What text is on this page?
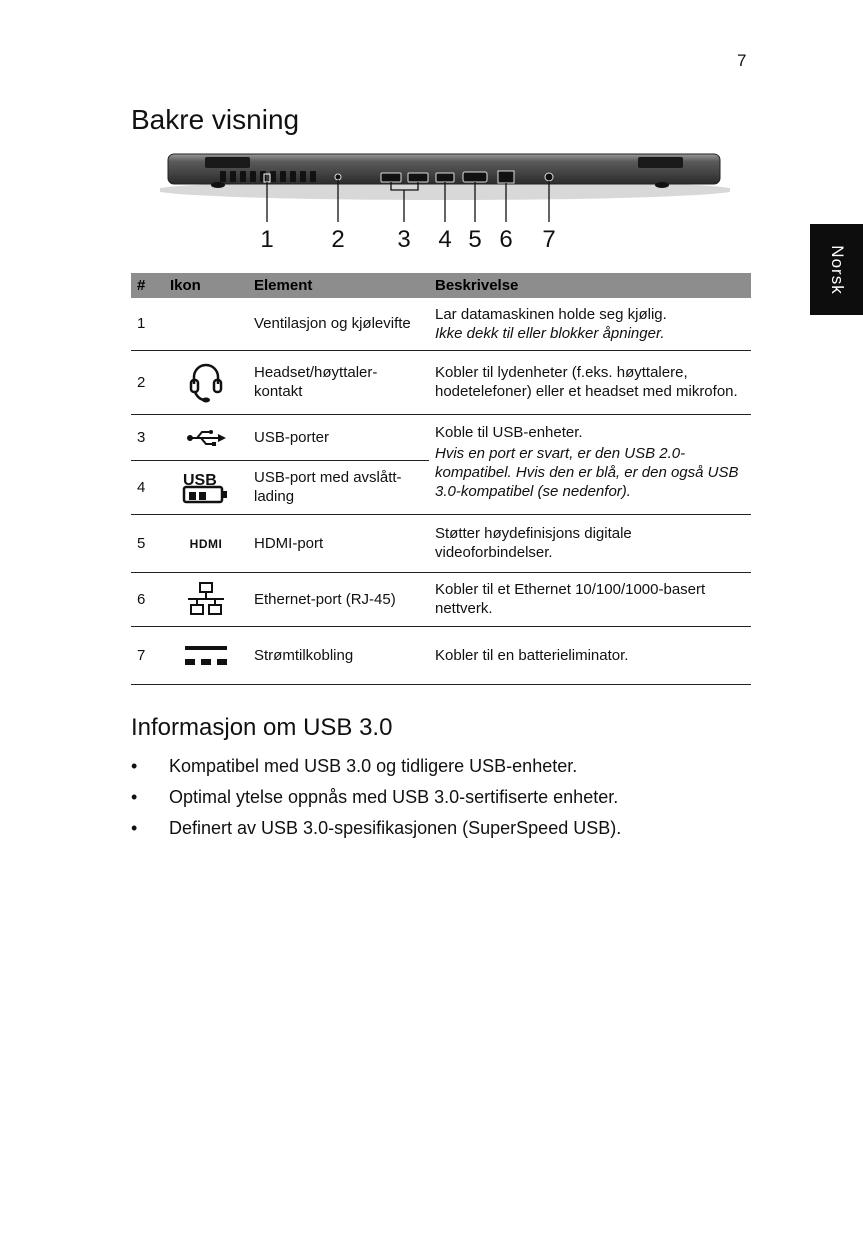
7
Norsk
Bakre visning
1 2 3 4 5 6 7
#	Ikon	Element	Beskrivelse
1		Ventilasjon og kjølevifte	Lar datamaskinen holde seg kjølig.
Ikke dekk til eller blokker åpninger.

2		Headset/høyttaler-kontakt	Kobler til lydenheter (f.eks. høyttalere, hodetelefoner) eller et headset med mikrofon.
3		USB-porter	Koble til USB-enheter.
Hvis en port er svart, er den USB 2.0-kompatibel. Hvis den er blå, er den også USB 3.0-kompatibel (se nedenfor).

4	USB	USB-port med avslått-lading	
5	HDMI	HDMI-port	Støtter høydefinisjons digitale videoforbindelser.
6		Ethernet-port (RJ-45)	Kobler til et Ethernet 10/100/1000-basert nettverk.
7		Strømtilkobling	Kobler til en batterieliminator.
Informasjon om USB 3.0
• Kompatibel med USB 3.0 og tidligere USB-enheter.
• Optimal ytelse oppnås med USB 3.0-sertifiserte enheter.
• Definert av USB 3.0-spesifikasjonen (SuperSpeed USB).
